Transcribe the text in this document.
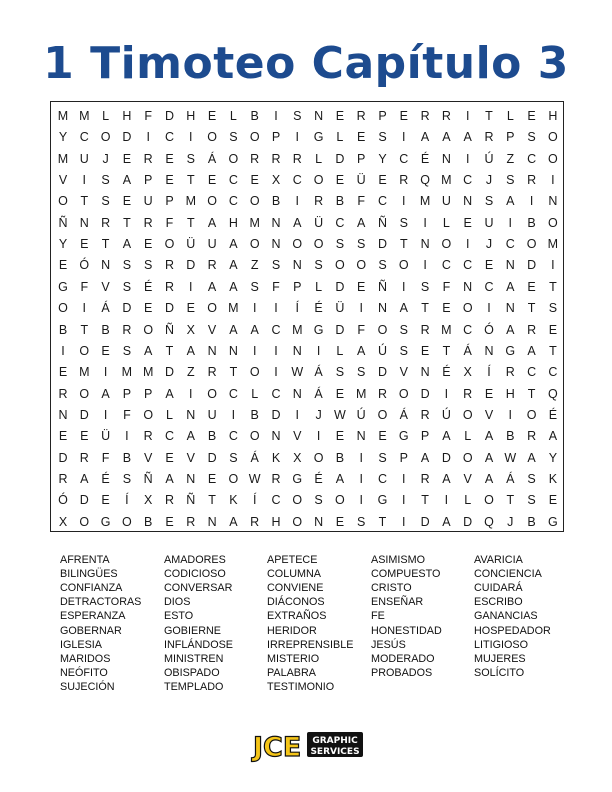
1 Timoteo Capítulo 3
M M	L	H	F	D H	E	L	B	I	S	N	E	R	P	E	R R	I	T	L	E	H
Y	C O D	I	C	I	O S O P	I	G	L	E	S	I	A	A	A	R	P	S O
M U	J	E	R	E	S	Á O R R R	L	D	P	Y	C	É	N	I	Ú	Z	C O
V	I	S	A	P	E	T	E	C	E	X	C O E	Ü	E	R Q M C	J	S	R	I
O	T	S	E	U	P M O C O B	I	R	B	F	C	I	M U N	S	A	I	N
Ñ N R	T	R	F	T	A	H M N	A	Ü C	A	Ñ	S	I	L	E	U	I	B O
Y	E	T	A	E O Ü U	A O N O O S	S	D	T	N O	I	J	C O M
E Ó N	S	S	R D R	A	Z	S	N	S O O S O	I	C C	E	N D	I
G	F	V	S	É	R	I	A	A	S	F	P	L	D	E	Ñ	I	S	F	N C	A	E	T
O	I	Á	D	E	D	E O M	I	I	Í	É	Ü	I	N	A	T	E O	I	N	T	S
B	T	B	R O Ñ	X	V	A	A	C M G D	F	O S	R M C Ó A	R	E
I	O E	S	A	T	A	N N	I	I	N	I	L	A	Ú	S	E	T	Á	N G A	T
E M	I	M M D	Z	R	T	O	I	W Á	S	S	D	V	N	É	X	Í	R C C
R O A	P	P	A	I	O C	L	C N	Á	E M R O D	I	R	E	H	T	Q
N D	I	F	O	L	N U	I	B	D	I	J W Ú O Á	R Ú O V	I	O É
E	E	Ü	I	R C	A	B	C O N	V	I	E	N	E G P	A	L	A	B	R	A
D R	F	B	V	E	V	D	S	Á	K	X O B	I	S	P	A	D O A W A	Y
R	A	É	S	Ñ	A	N	E O W R G É	A	I	C	I	R	A	V	A	Á	S	K
Ó D	E	Í	X	R Ñ	T	K	Í	C O S O	I	G	I	T	I	L	O	T	S	E
X O G O B	E	R N	A	R H O N	E	S	T	I	D	A	D Q	J	B G
AFRENTA
BILINGÜES
CONFIANZA
DETRACTORAS
ESPERANZA
GOBERNAR
IGLESIA
MARIDOS
NEÓFITO
SUJECIÓN
AMADORES
CODICIOSO
CONVERSAR
DIOS
ESTO
GOBIERNE
INFLÁNDOSE
MINISTREN
OBISPADO
TEMPLADO
APETECE
COLUMNA
CONVIENE
DIÁCONOS
EXTRAÑOS
HERIDOR
IRREPRENSIBLE
MISTERIO
PALABRA
TESTIMONIO
ASIMISMO
COMPUESTO
CRISTO
ENSEÑAR
FE
HONESTIDAD
JESÚS
MODERADO
PROBADOS
AVARICIA
CONCIENCIA
CUIDARÁ
ESCRIBO
GANANCIAS
HOSPEDADOR
LITIGIOSO
MUJERES
SOLÍCITO
JCE GRAPHIC
SERVICES
